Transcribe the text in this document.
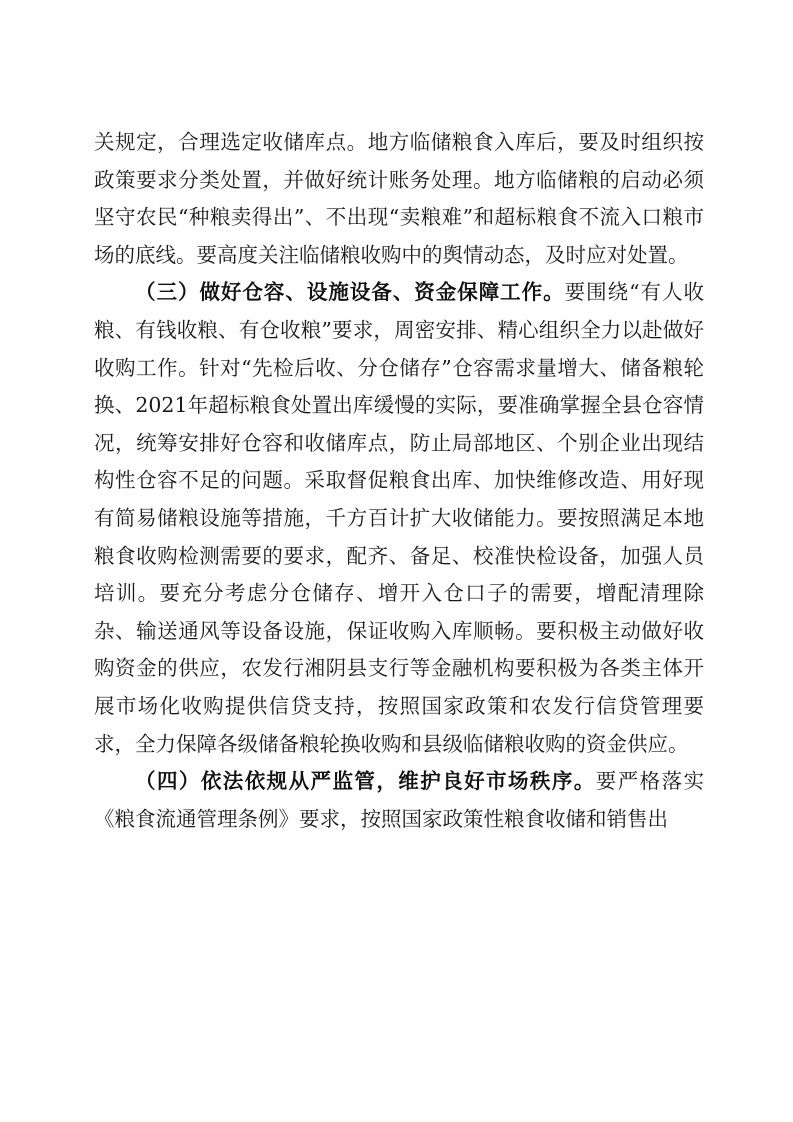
关规定，合理选定收储库点。地方临储粮食入库后，要及时组织按政策要求分类处置，并做好统计账务处理。地方临储粮的启动必须坚守农民“种粮卖得出”、不出现“卖粮难”和超标粮食不流入口粮市场的底线。要高度关注临储粮收购中的舆情动态，及时应对处置。

（三）做好仓容、设施设备、资金保障工作。要围绕“有人收粮、有钱收粮、有仓收粮”要求，周密安排、精心组织全力以赴做好收购工作。针对“先检后收、分仓储存”仓容需求量增大、储备粮轮换、2021年超标粮食处置出库缓慢的实际，要准确掌握全县仓容情况，统筹安排好仓容和收储库点，防止局部地区、个别企业出现结构性仓容不足的问题。采取督促粮食出库、加快维修改造、用好现有简易储粮设施等措施，千方百计扩大收储能力。要按照满足本地粮食收购检测需要的要求，配齐、备足、校准快检设备，加强人员培训。要充分考虑分仓储存、增开入仓口子的需要，增配清理除杂、输送通风等设备设施，保证收购入库顺畅。要积极主动做好收购资金的供应，农发行湘阴县支行等金融机构要积极为各类主体开展市场化收购提供信贷支持，按照国家政策和农发行信贷管理要求，全力保障各级储备粮轮换收购和县级临储粮收购的资金供应。

（四）依法依规从严监管，维护良好市场秩序。要严格落实《粮食流通管理条例》要求，按照国家政策性粮食收储和销售出
